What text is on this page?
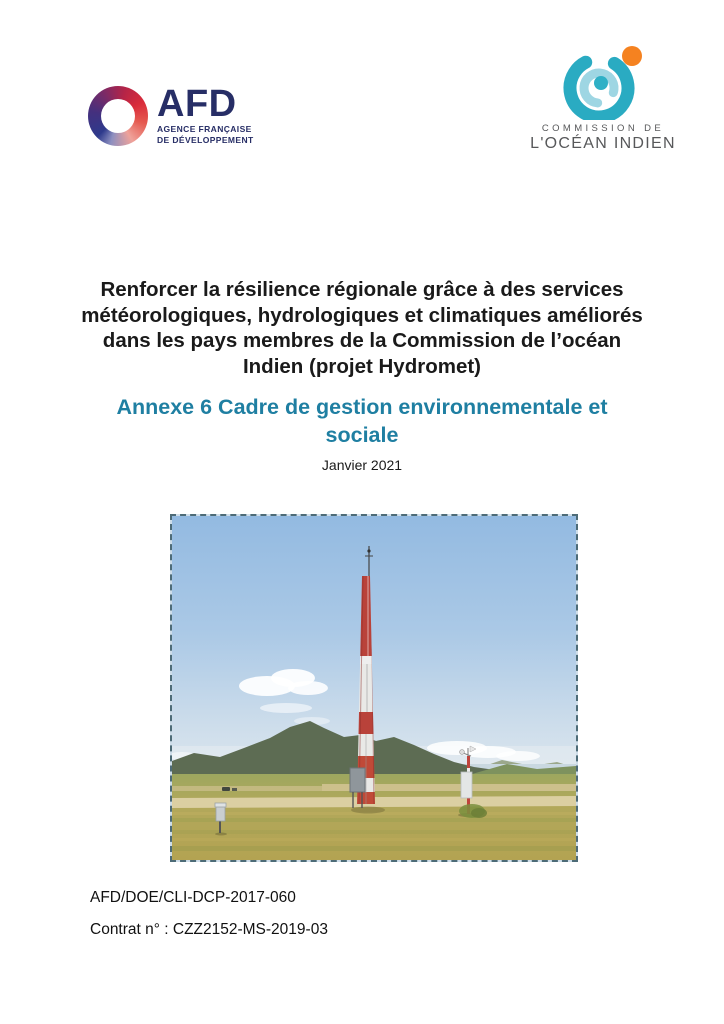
AFD
AGENCE FRANÇAISE
DE DÉVELOPPEMENT
COMMISSION DE
L'OCÉAN INDIEN
Renforcer la résilience régionale grâce à des services
météorologiques, hydrologiques et climatiques améliorés
dans les pays membres de la Commission de l’océan
Indien (projet Hydromet)
Annexe 6 Cadre de gestion environnementale et
sociale
Janvier 2021
AFD/DOE/CLI-DCP-2017-060
Contrat n° : CZZ2152-MS-2019-03
